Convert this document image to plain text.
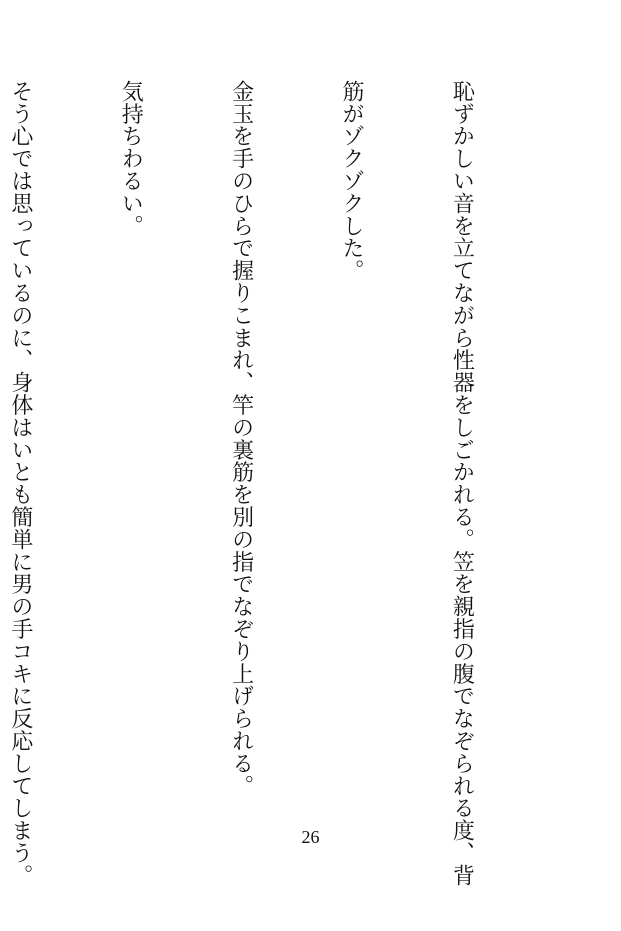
恥ずかしい音を立てながら性器をしごかれる。笠を親指の腹でなぞられる度、背

筋がゾクゾクした。

金玉を手のひらで握りこまれ、竿の裏筋を別の指でなぞり上げられる。

気持ちわるい。

そう心では思っているのに、身体はいとも簡単に男の手コキに反応してしまう。

	26
